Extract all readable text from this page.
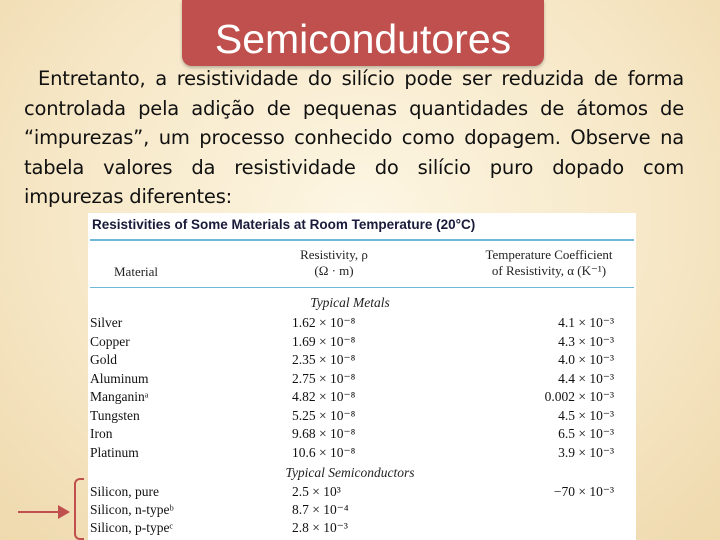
Semicondutores
Entretanto, a resistividade do silício pode ser reduzida de forma controlada pela adição de pequenas quantidades de átomos de “impurezas”, um processo conhecido como dopagem. Observe na tabela valores da resistividade do silício puro dopado com impurezas diferentes:
Resistivities of Some Materials at Room Temperature (20°C)
Material
Resistivity, ρ
(Ω · m)
Temperature Coefficient
of Resistivity, α (K⁻¹)
Typical Metals
Silver	1.62 × 10⁻⁸	4.1 × 10⁻³
Copper	1.69 × 10⁻⁸	4.3 × 10⁻³
Gold	2.35 × 10⁻⁸	4.0 × 10⁻³
Aluminum	2.75 × 10⁻⁸	4.4 × 10⁻³
Manganinᵃ	4.82 × 10⁻⁸	0.002 × 10⁻³
Tungsten	5.25 × 10⁻⁸	4.5 × 10⁻³
Iron	9.68 × 10⁻⁸	6.5 × 10⁻³
Platinum	10.6 × 10⁻⁸	3.9 × 10⁻³
Typical Semiconductors
Silicon, pure	2.5 × 10³	−70 × 10⁻³
Silicon, n-typeᵇ	8.7 × 10⁻⁴
Silicon, p-typeᶜ	2.8 × 10⁻³
